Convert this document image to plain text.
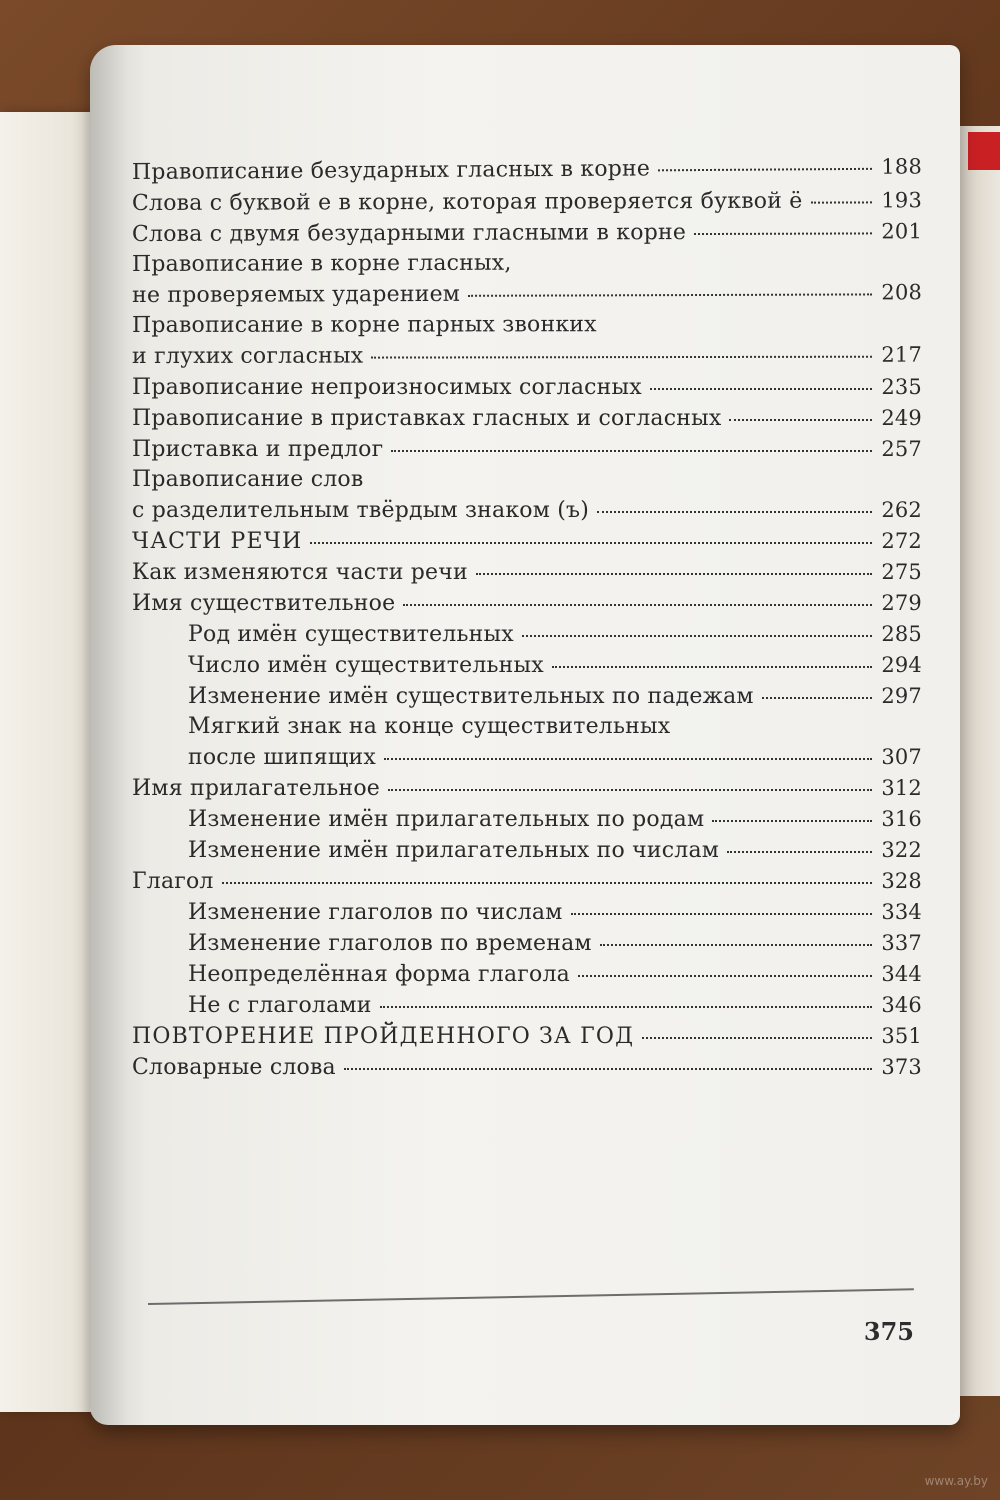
Правописание безударных гласных в корне	188
Слова с буквой е в корне, которая проверяется буквой ё	193
Слова с двумя безударными гласными в корне	201
Правописание в корне гласных,
не проверяемых ударением	208
Правописание в корне парных звонких
и глухих согласных	217
Правописание непроизносимых согласных	235
Правописание в приставках гласных и согласных	249
Приставка и предлог	257
Правописание слов
с разделительным твёрдым знаком (ъ)	262
ЧАСТИ РЕЧИ	272
Как изменяются части речи	275
Имя существительное	279
Род имён существительных	285
Число имён существительных	294
Изменение имён существительных по падежам	297
Мягкий знак на конце существительных
после шипящих	307
Имя прилагательное	312
Изменение имён прилагательных по родам	316
Изменение имён прилагательных по числам	322
Глагол	328
Изменение глаголов по числам	334
Изменение глаголов по временам	337
Неопределённая форма глагола	344
Не с глаголами	346
ПОВТОРЕНИЕ ПРОЙДЕННОГО ЗА ГОД	351
Словарные слова	373
375
www.ay.by
